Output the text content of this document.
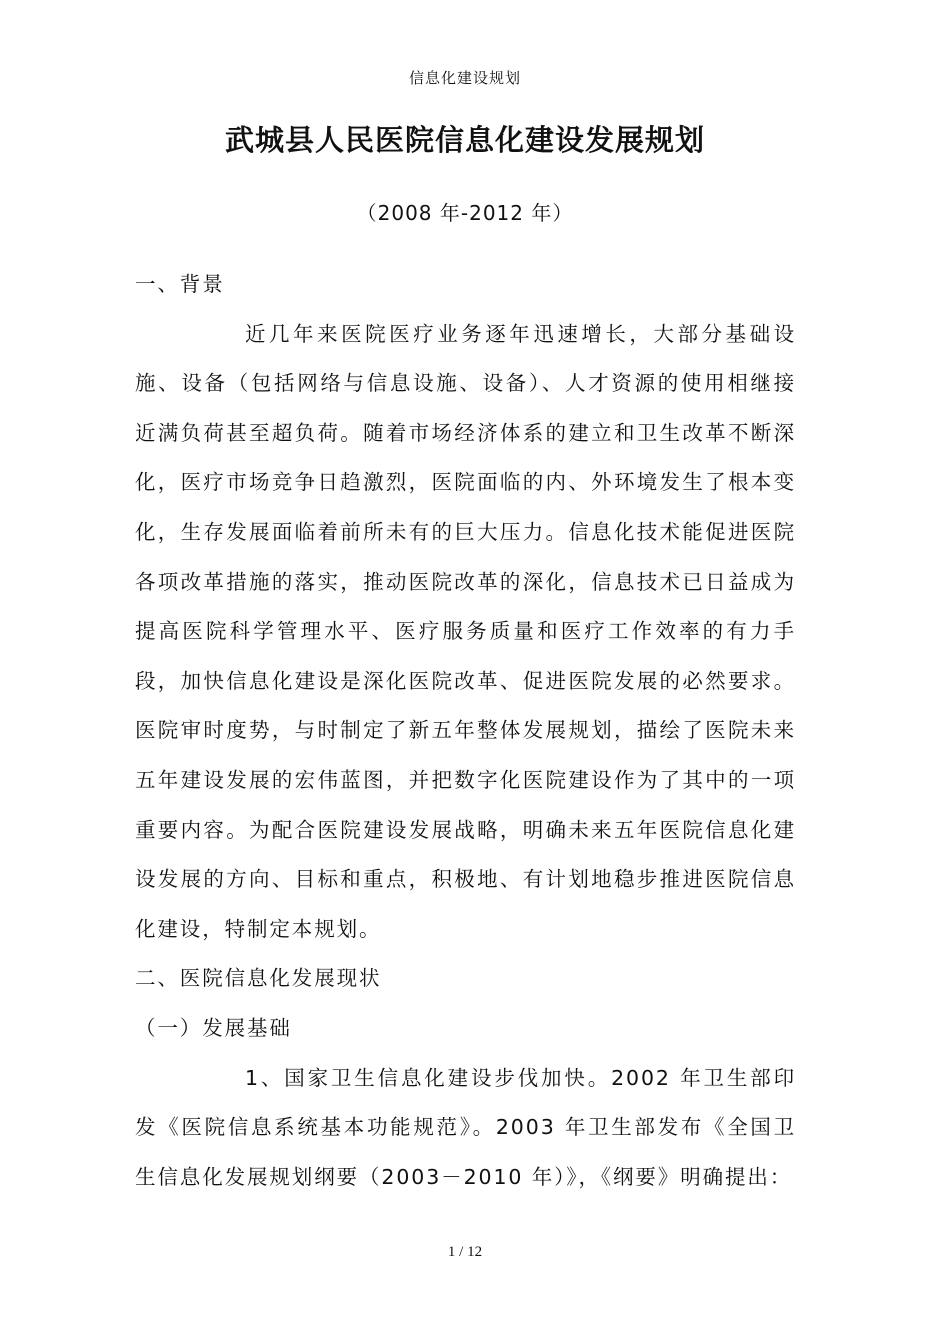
信息化建设规划
武城县人民医院信息化建设发展规划
（2008 年-2012 年）

一、背景

近几年来医院医疗业务逐年迅速增长，大部分基础设施、设备（包括网络与信息设施、设备）、人才资源的使用相继接近满负荷甚至超负荷。随着市场经济体系的建立和卫生改革不断深化，医疗市场竞争日趋激烈，医院面临的内、外环境发生了根本变化，生存发展面临着前所未有的巨大压力。信息化技术能促进医院各项改革措施的落实，推动医院改革的深化，信息技术已日益成为提高医院科学管理水平、医疗服务质量和医疗工作效率的有力手段，加快信息化建设是深化医院改革、促进医院发展的必然要求。医院审时度势，与时制定了新五年整体发展规划，描绘了医院未来五年建设发展的宏伟蓝图，并把数字化医院建设作为了其中的一项重要内容。为配合医院建设发展战略，明确未来五年医院信息化建设发展的方向、目标和重点，积极地、有计划地稳步推进医院信息化建设，特制定本规划。

二、医院信息化发展现状

（一）发展基础

1、国家卫生信息化建设步伐加快。2002 年卫生部印发《医院信息系统基本功能规范》。2003 年卫生部发布《全国卫生信息化发展规划纲要（2003－2010 年）》，《纲要》明确提出：

1 / 12
